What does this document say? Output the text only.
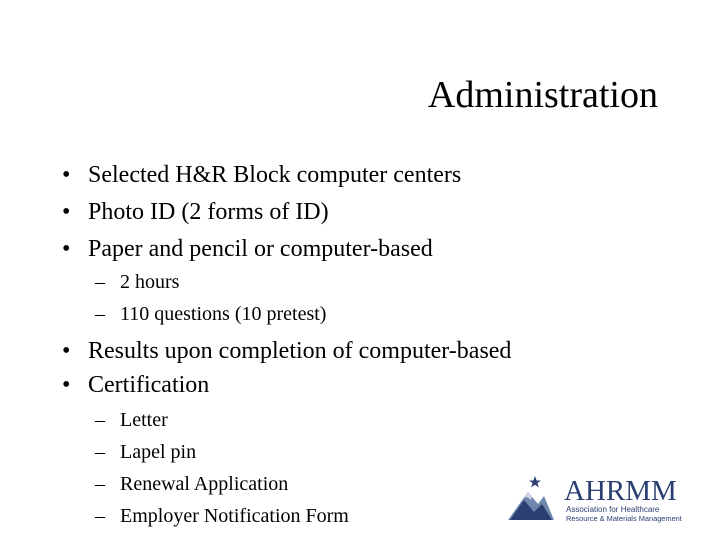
Administration
• Selected H&R Block computer centers
• Photo ID (2 forms of ID)
• Paper and pencil or computer-based
– 2 hours
– 110 questions (10 pretest)
• Results upon completion of computer-based
• Certification
– Letter
– Lapel pin
– Renewal Application
– Employer Notification Form
AHRMM
Association for Healthcare
Resource & Materials Management
